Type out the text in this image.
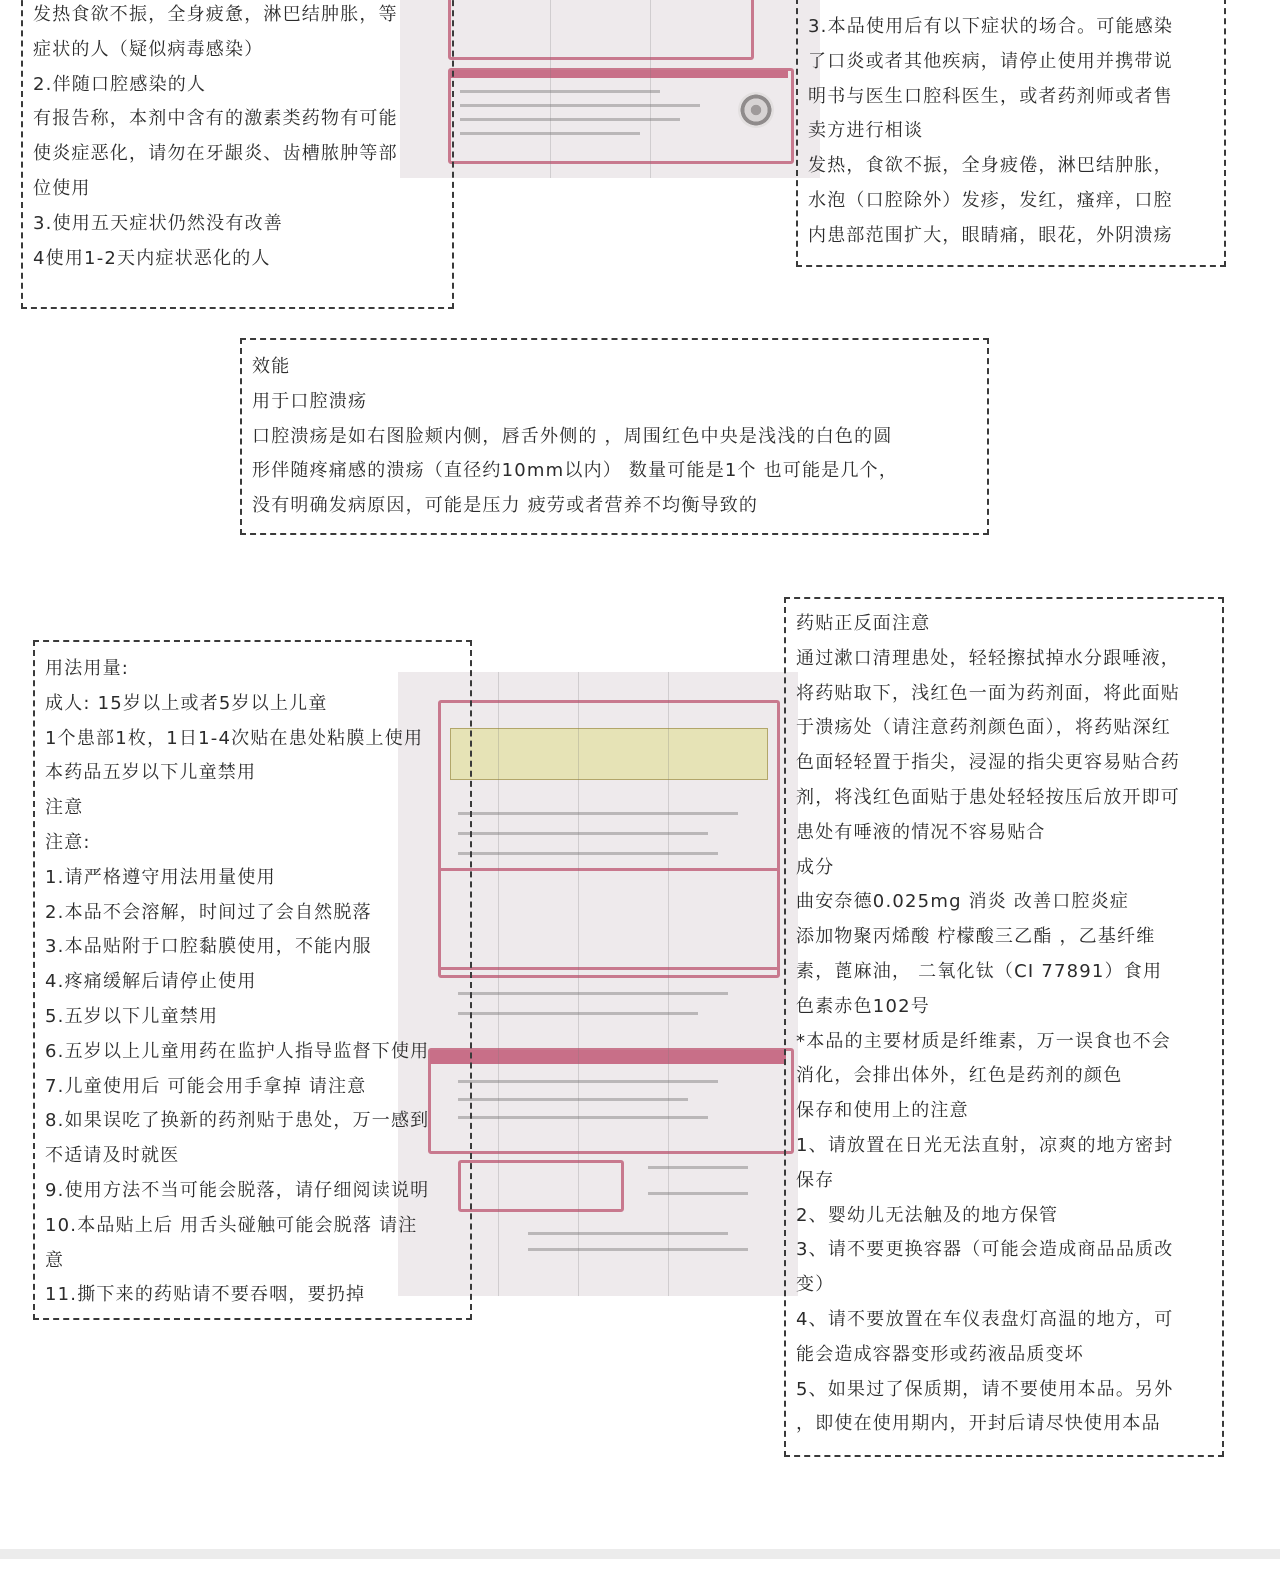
发热食欲不振，全身疲惫，淋巴结肿胀，等
症状的人（疑似病毒感染）
2.伴随口腔感染的人
有报告称，本剂中含有的激素类药物有可能
使炎症恶化，请勿在牙龈炎、齿槽脓肿等部
位使用
3.使用五天症状仍然没有改善
4使用1-2天内症状恶化的人
3.本品使用后有以下症状的场合。可能感染
了口炎或者其他疾病，请停止使用并携带说
明书与医生口腔科医生，或者药剂师或者售
卖方进行相谈
发热，食欲不振，全身疲倦，淋巴结肿胀，
水泡（口腔除外）发疹，发红，瘙痒，口腔
内患部范围扩大，眼睛痛，眼花，外阴溃疡
效能
用于口腔溃疡
口腔溃疡是如右图脸颊内侧，唇舌外侧的 ，周围红色中央是浅浅的白色的圆
形伴随疼痛感的溃疡（直径约10mm以内） 数量可能是1个 也可能是几个，
没有明确发病原因，可能是压力 疲劳或者营养不均衡导致的
用法用量:
成人: 15岁以上或者5岁以上儿童
1个患部1枚，1日1-4次贴在患处粘膜上使用
本药品五岁以下儿童禁用
注意
注意:
1.请严格遵守用法用量使用
2.本品不会溶解，时间过了会自然脱落
3.本品贴附于口腔黏膜使用，不能内服
4.疼痛缓解后请停止使用
5.五岁以下儿童禁用
6.五岁以上儿童用药在监护人指导监督下使用
7.儿童使用后 可能会用手拿掉 请注意
8.如果误吃了换新的药剂贴于患处，万一感到
不适请及时就医
9.使用方法不当可能会脱落，请仔细阅读说明
10.本品贴上后 用舌头碰触可能会脱落 请注
意
11.撕下来的药贴请不要吞咽，要扔掉
药贴正反面注意
通过漱口清理患处，轻轻擦拭掉水分跟唾液，
将药贴取下，浅红色一面为药剂面，将此面贴
于溃疡处（请注意药剂颜色面），将药贴深红
色面轻轻置于指尖，浸湿的指尖更容易贴合药
剂，将浅红色面贴于患处轻轻按压后放开即可
患处有唾液的情况不容易贴合
成分
曲安奈德0.025mg 消炎 改善口腔炎症
添加物聚丙烯酸 柠檬酸三乙酯 ，乙基纤维
素，蓖麻油， 二氧化钛（CI 77891）食用
色素赤色102号
*本品的主要材质是纤维素，万一误食也不会
消化，会排出体外，红色是药剂的颜色
保存和使用上的注意
1、请放置在日光无法直射，凉爽的地方密封
保存
2、婴幼儿无法触及的地方保管
3、请不要更换容器（可能会造成商品品质改
变）
4、请不要放置在车仪表盘灯高温的地方，可
能会造成容器变形或药液品质变坏
5、如果过了保质期，请不要使用本品。另外
，即使在使用期内，开封后请尽快使用本品
